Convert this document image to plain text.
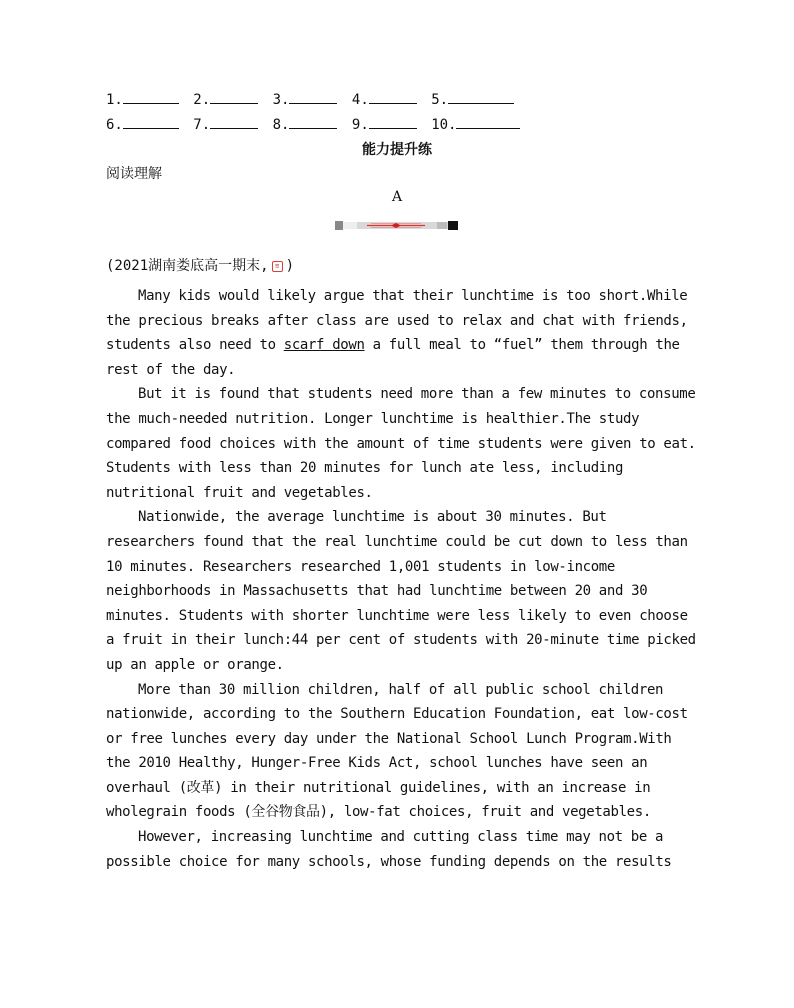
1.	2.	3.	4.	5.
6.	7.	8.	9.	10.
能力提升练
阅读理解
A
(2021湖南娄底高一期末, ≡ )

Many kids would likely argue that their lunchtime is too short.While the precious breaks after class are used to relax and chat with friends, students also need to scarf down a full meal to “fuel” them through the rest of the day.

But it is found that students need more than a few minutes to consume the much-needed nutrition. Longer lunchtime is healthier.The study compared food choices with the amount of time students were given to eat. Students with less than 20 minutes for lunch ate less, including nutritional fruit and vegetables.

Nationwide, the average lunchtime is about 30 minutes. But researchers found that the real lunchtime could be cut down to less than 10 minutes. Researchers researched 1,001 students in low-income neighborhoods in Massachusetts that had lunchtime between 20 and 30 minutes. Students with shorter lunchtime were less likely to even choose a fruit in their lunch:44 per cent of students with 20-minute time picked up an apple or orange.

More than 30 million children, half of all public school children nationwide, according to the Southern Education Foundation, eat low-cost or free lunches every day under the National School Lunch Program.With the 2010 Healthy, Hunger-Free Kids Act, school lunches have seen an overhaul (改革) in their nutritional guidelines, with an increase in wholegrain foods (全谷物食品), low-fat choices, fruit and vegetables.

However, increasing lunchtime and cutting class time may not be a possible choice for many schools, whose funding depends on the results
